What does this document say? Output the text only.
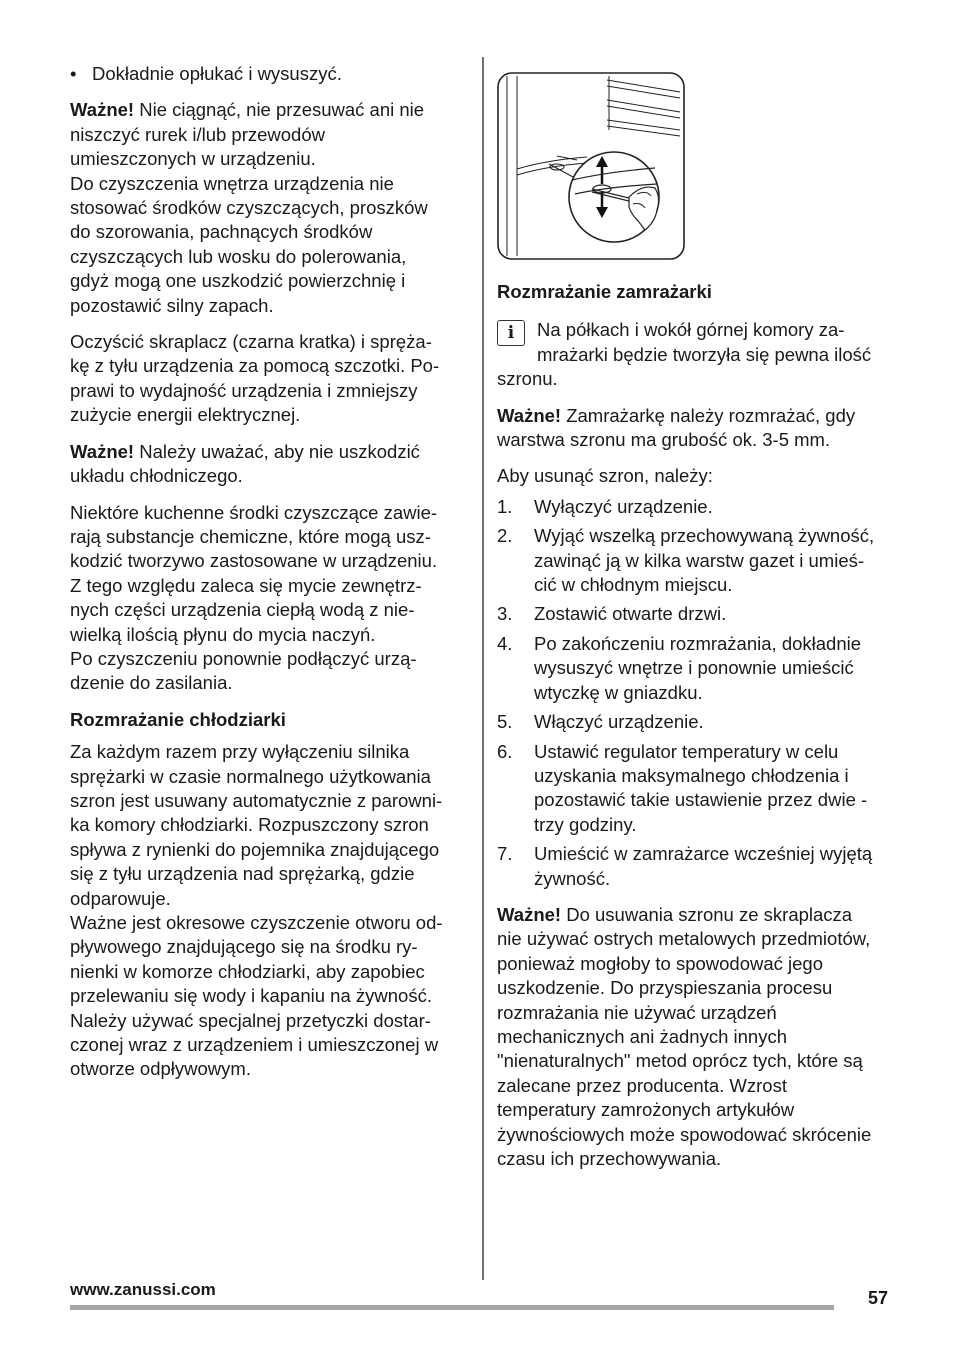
• Dokładnie opłukać i wysuszyć.

Ważne! Nie ciągnąć, nie przesuwać ani nie
niszczyć rurek i/lub przewodów
umieszczonych w urządzeniu.
Do czyszczenia wnętrza urządzenia nie
stosować środków czyszczących, proszków
do szorowania, pachnących środków
czyszczących lub wosku do polerowania,
gdyż mogą one uszkodzić powierzchnię i
pozostawić silny zapach.

Oczyścić skraplacz (czarna kratka) i spręża-
kę z tyłu urządzenia za pomocą szczotki. Po-
prawi to wydajność urządzenia i zmniejszy
zużycie energii elektrycznej.

Ważne! Należy uważać, aby nie uszkodzić
układu chłodniczego.

Niektóre kuchenne środki czyszczące zawie-
rają substancje chemiczne, które mogą usz-
kodzić tworzywo zastosowane w urządzeniu.
Z tego względu zaleca się mycie zewnętrz-
nych części urządzenia ciepłą wodą z nie-
wielką ilością płynu do mycia naczyń.
Po czyszczeniu ponownie podłączyć urzą-
dzenie do zasilania.

Rozmrażanie chłodziarki

Za każdym razem przy wyłączeniu silnika
sprężarki w czasie normalnego użytkowania
szron jest usuwany automatycznie z parowni-
ka komory chłodziarki. Rozpuszczony szron
spływa z rynienki do pojemnika znajdującego
się z tyłu urządzenia nad sprężarką, gdzie
odparowuje.
Ważne jest okresowe czyszczenie otworu od-
pływowego znajdującego się na środku ry-
nienki w komorze chłodziarki, aby zapobiec
przelewaniu się wody i kapaniu na żywność.
Należy używać specjalnej przetyczki dostar-
czonej wraz z urządzeniem i umieszczonej w
otworze odpływowym.

Rozmrażanie zamrażarki
i	Na półkach i wokół górnej komory za-
mrażarki będzie tworzyła się pewna ilość
szronu.

Ważne! Zamrażarkę należy rozmrażać, gdy
warstwa szronu ma grubość ok. 3-5 mm.

Aby usunąć szron, należy:

1. Wyłączyć urządzenie.
2. Wyjąć wszelką przechowywaną żywność,
zawinąć ją w kilka warstw gazet i umieś-
cić w chłodnym miejscu.
3. Zostawić otwarte drzwi.
4. Po zakończeniu rozmrażania, dokładnie
wysuszyć wnętrze i ponownie umieścić
wtyczkę w gniazdku.
5. Włączyć urządzenie.
6. Ustawić regulator temperatury w celu
uzyskania maksymalnego chłodzenia i
pozostawić takie ustawienie przez dwie -
trzy godziny.
7. Umieścić w zamrażarce wcześniej wyjętą
żywność.

Ważne! Do usuwania szronu ze skraplacza
nie używać ostrych metalowych przedmiotów,
ponieważ mogłoby to spowodować jego
uszkodzenie. Do przyspieszania procesu
rozmrażania nie używać urządzeń
mechanicznych ani żadnych innych
"nienaturalnych" metod oprócz tych, które są
zalecane przez producenta. Wzrost
temperatury zamrożonych artykułów
żywnościowych może spowodować skrócenie
czasu ich przechowywania.

www.zanussi.com	57
